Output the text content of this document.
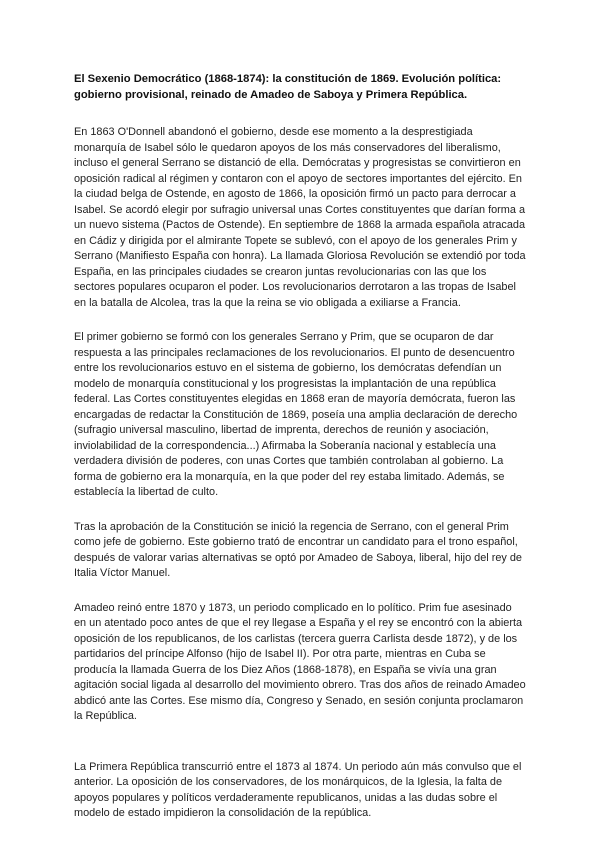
El Sexenio Democrático (1868-1874): la constitución de 1869. Evolución política: gobierno provisional, reinado de Amadeo de Saboya y Primera República.

En 1863 O'Donnell abandonó el gobierno, desde ese momento a la desprestigiada monarquía de Isabel sólo le quedaron apoyos de los más conservadores del liberalismo, incluso el general Serrano se distanció de ella. Demócratas y progresistas se convirtieron en oposición radical al régimen y contaron con el apoyo de sectores importantes del ejército. En la ciudad belga de Ostende, en agosto de 1866, la oposición firmó un pacto para derrocar a Isabel. Se acordó elegir por sufragio universal unas Cortes constituyentes que darían forma a un nuevo sistema (Pactos de Ostende). En septiembre de 1868 la armada española atracada en Cádiz y dirigida por el almirante Topete se sublevó, con el apoyo de los generales Prim y Serrano (Manifiesto España con honra). La llamada Gloriosa Revolución se extendió por toda España, en las principales ciudades se crearon juntas revolucionarias con las que los sectores populares ocuparon el poder. Los revolucionarios derrotaron a las tropas de Isabel en la batalla de Alcolea, tras la que la reina se vio obligada a exiliarse a Francia.

El primer gobierno se formó con los generales Serrano y Prim, que se ocuparon de dar respuesta a las principales reclamaciones de los revolucionarios. El punto de desencuentro entre los revolucionarios estuvo en el sistema de gobierno, los demócratas defendían un modelo de monarquía constitucional y los progresistas la implantación de una república federal. Las Cortes constituyentes elegidas en 1868 eran de mayoría demócrata, fueron las encargadas de redactar la Constitución de 1869, poseía una amplia declaración de derecho (sufragio universal masculino, libertad de imprenta, derechos de reunión y asociación, inviolabilidad de la correspondencia...) Afirmaba la Soberanía nacional y establecía una verdadera división de poderes, con unas Cortes que también controlaban al gobierno. La forma de gobierno era la monarquía, en la que poder del rey estaba limitado. Además, se establecía la libertad de culto.

Tras la aprobación de la Constitución se inició la regencia de Serrano, con el general Prim como jefe de gobierno. Este gobierno trató de encontrar un candidato para el trono español, después de valorar varias alternativas se optó por Amadeo de Saboya, liberal, hijo del rey de Italia Víctor Manuel.

Amadeo reinó entre 1870 y 1873, un periodo complicado en lo político. Prim fue asesinado en un atentado poco antes de que el rey llegase a España y el rey se encontró con la abierta oposición de los republicanos, de los carlistas (tercera guerra Carlista desde 1872), y de los partidarios del príncipe Alfonso (hijo de Isabel II). Por otra parte, mientras en Cuba se producía la llamada Guerra de los Diez Años (1868-1878), en España se vivía una gran agitación social ligada al desarrollo del movimiento obrero. Tras dos años de reinado Amadeo abdicó ante las Cortes. Ese mismo día, Congreso y Senado, en sesión conjunta proclamaron la República.

La Primera República transcurrió entre el 1873 al 1874. Un periodo aún más convulso que el anterior. La oposición de los conservadores, de los monárquicos, de la Iglesia, la falta de apoyos populares y políticos verdaderamente republicanos, unidas a las dudas sobre el modelo de estado impidieron la consolidación de la república.
